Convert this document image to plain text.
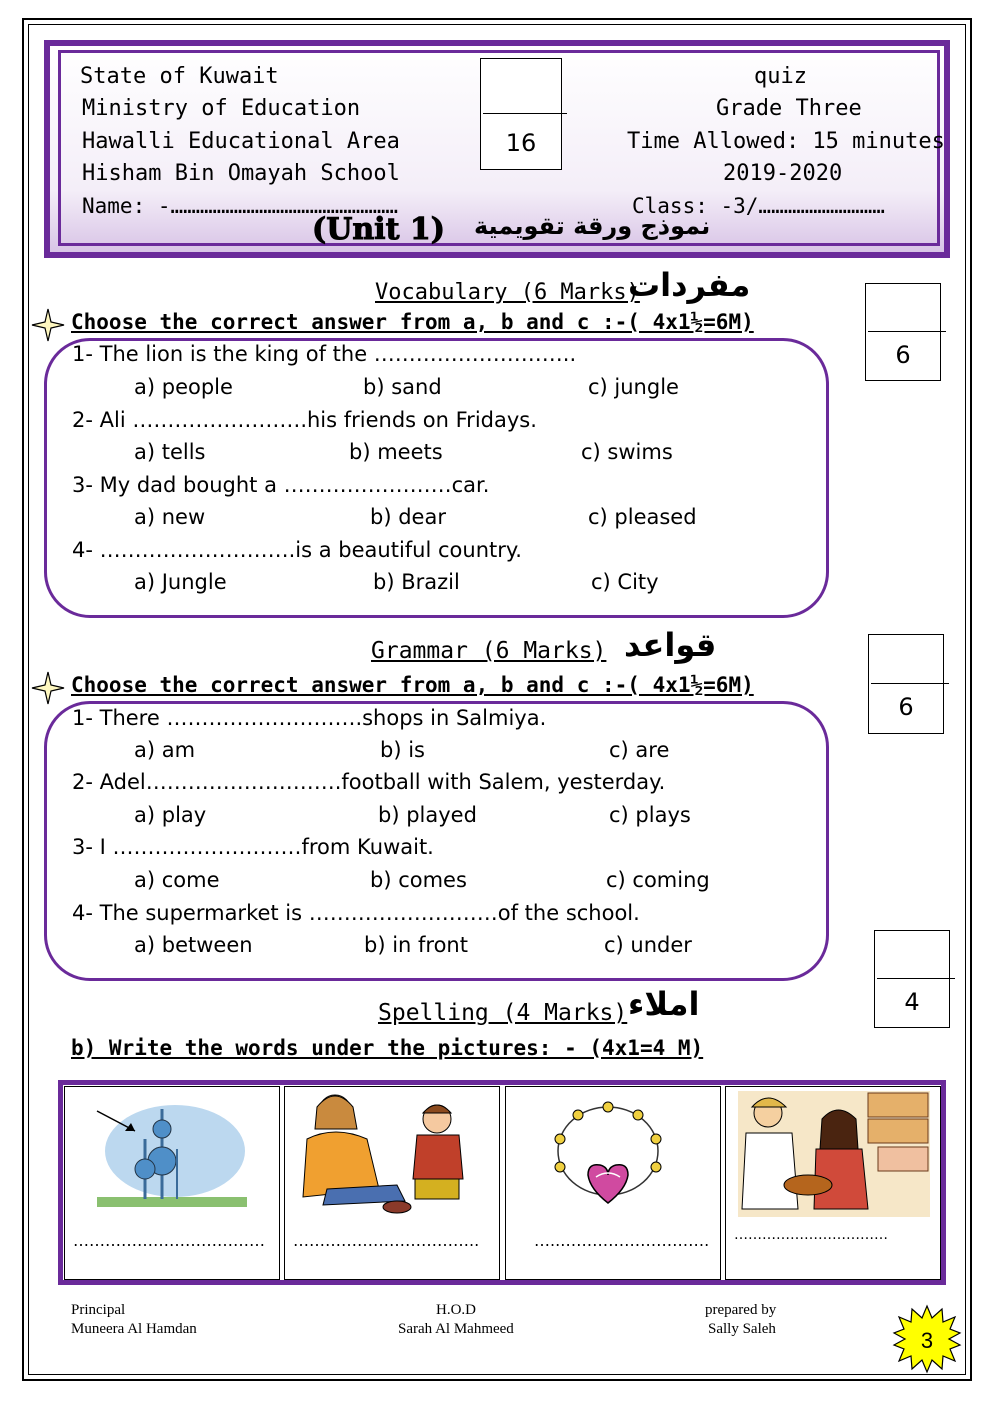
State of Kuwait
Ministry of Education
Hawalli Educational Area
Hisham Bin Omayah School
Name: -………………………………………………
16
quiz
Grade Three
Time Allowed: 15 minutes
2019-2020
Class: -3/…………………………
(Unit 1) نموذج ورقة تقويمية
Vocabulary (6 Marks)
مفردات
6
Choose the correct answer from a, b and c :-( 4x1½=6M)
1- The lion is the king of the ………………………..
a) people	b) sand	c) jungle
2- Ali …………………….his friends on Fridays.
a) tells	b) meets	c) swims
3- My dad bought a ……………………car.
a) new	b) dear	c) pleased
4- ……………………….is a beautiful country.
a) Jungle	b) Brazil	c) City
Grammar (6 Marks) قواعد
6
Choose the correct answer from a, b and c :-( 4x1½=6M)
1- There ……………………….shops in Salmiya.
a) am	b) is	c) are
2- Adel……………………….football with Salem, yesterday.
a) play	b) played	c) plays
3- I ………………………from Kuwait.
a) come	b) comes	c) coming
4- The supermarket is ………………………of the school.
a) between	b) in front	c) under
4
Spelling (4 Marks) املاء
b) Write the words under the pictures: - (4x1=4 M)
……………………………… ……………………………..	…..………………………. ……………………………
Principal
Muneera Al Hamdan
H.O.D
Sarah Al Mahmeed
prepared by
Sally Saleh	3
